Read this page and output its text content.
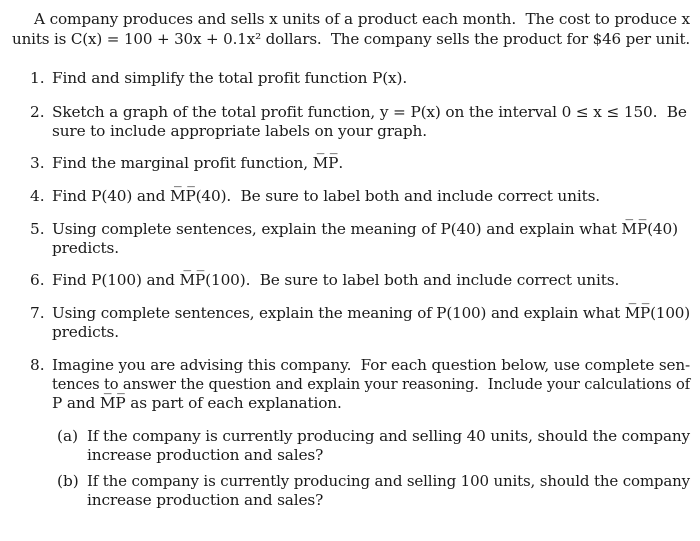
A company produces and sells x units of a product each month.  The cost to produce x
units is C(x) = 100 + 30x + 0.1x² dollars.  The company sells the product for $46 per unit.
1. Find and simplify the total profit function P(x).
2. Sketch a graph of the total profit function, y = P(x) on the interval 0 ≤ x ≤ 150.  Be
sure to include appropriate labels on your graph.
3. Find the marginal profit function, M̅P̅.
4. Find P(40) and M̅P̅(40).  Be sure to label both and include correct units.
5. Using complete sentences, explain the meaning of P(40) and explain what M̅P̅(40)
predicts.
6. Find P(100) and M̅P̅(100).  Be sure to label both and include correct units.
7. Using complete sentences, explain the meaning of P(100) and explain what M̅P̅(100)
predicts.
8. Imagine you are advising this company.  For each question below, use complete sen-
tences to answer the question and explain your reasoning.  Include your calculations of
P and M̅P̅ as part of each explanation.
(a) If the company is currently producing and selling 40 units, should the company
increase production and sales?
(b) If the company is currently producing and selling 100 units, should the company
increase production and sales?
